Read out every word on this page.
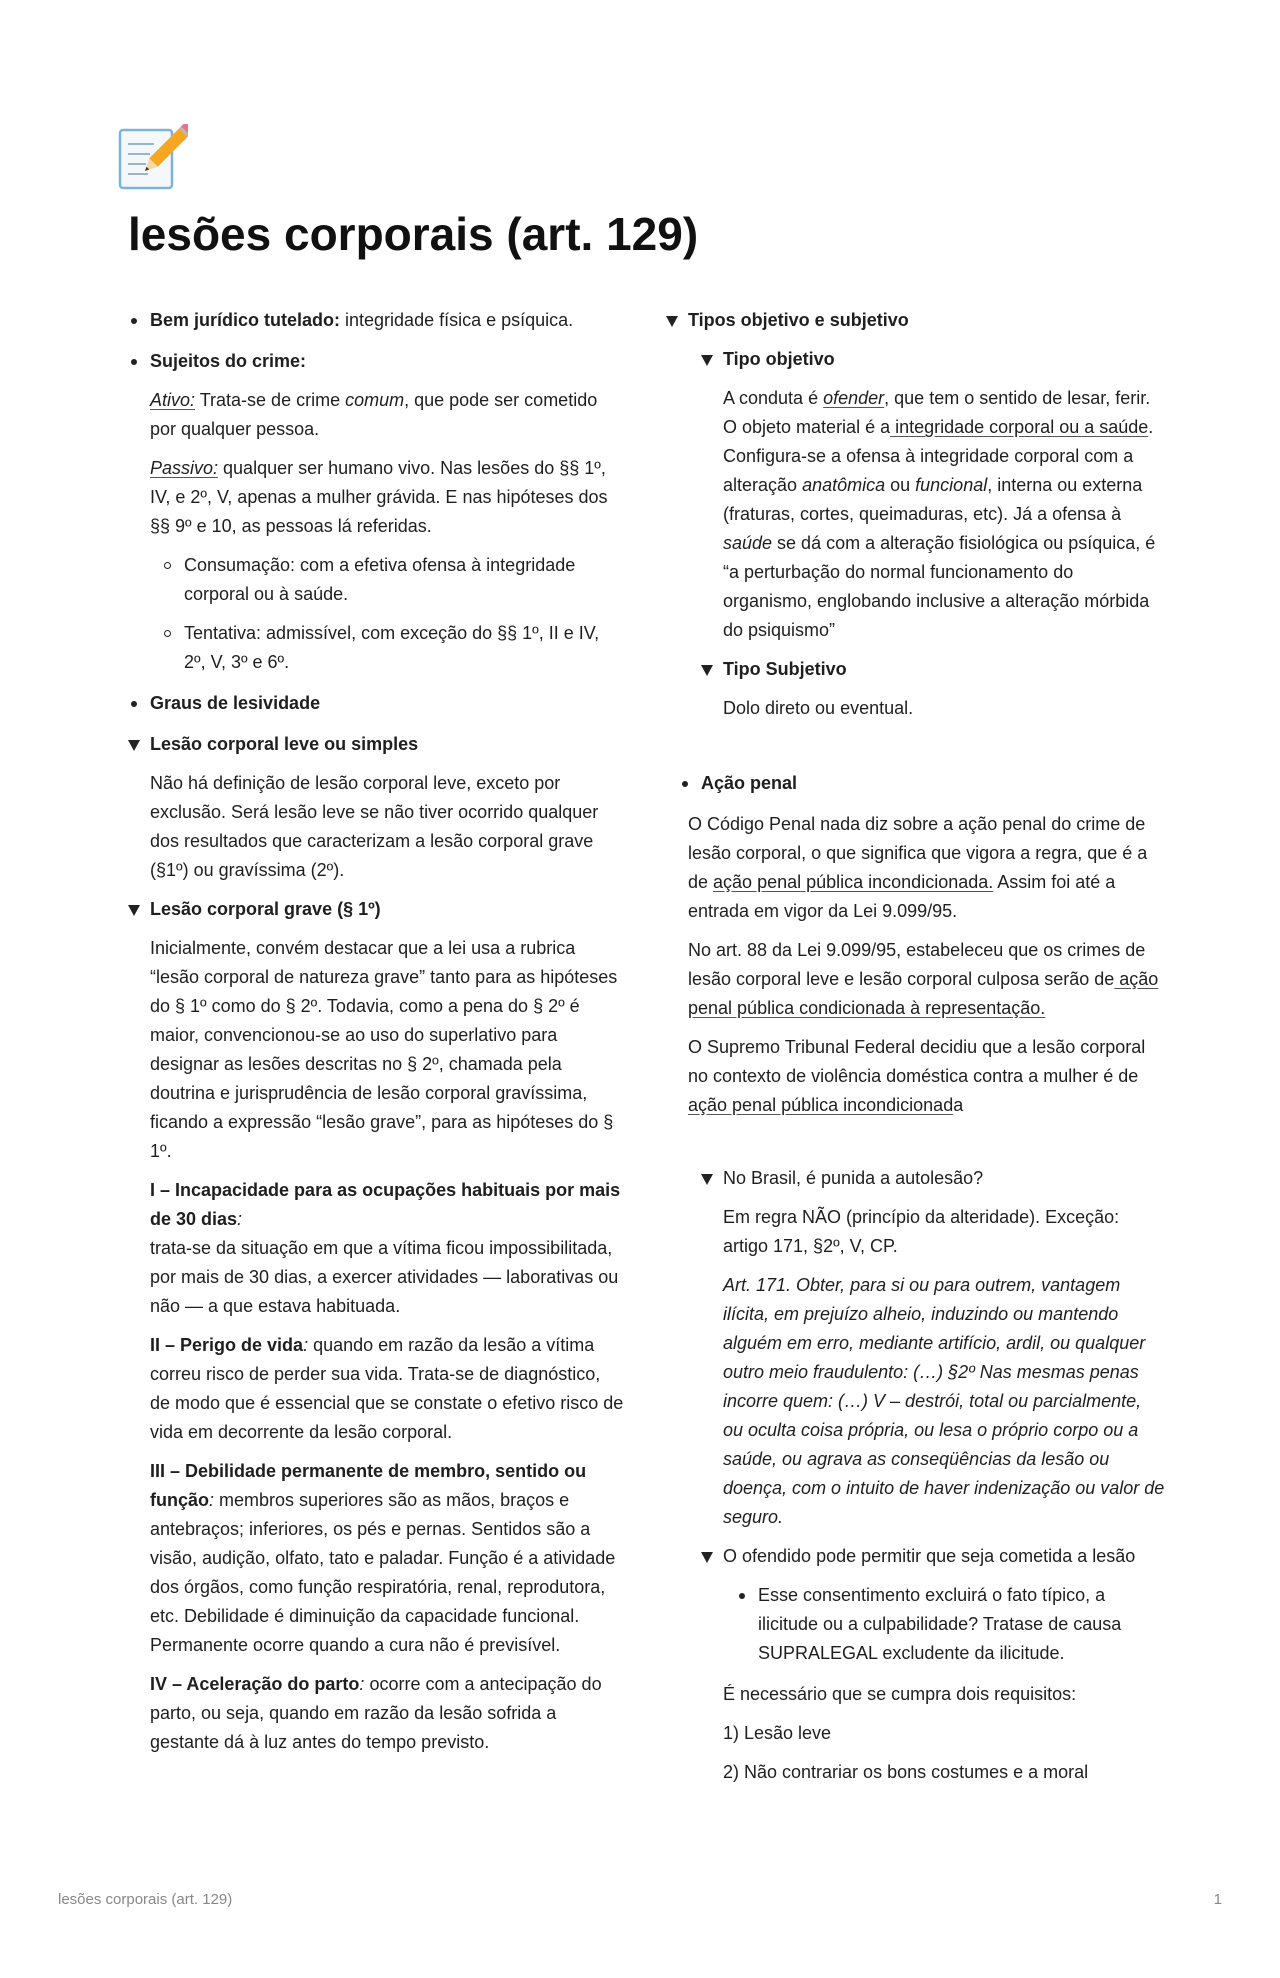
lesões corporais (art. 129)
Bem jurídico tutelado: integridade física e psíquica.

Sujeitos do crime:

Ativo: Trata-se de crime comum, que pode ser cometido por qualquer pessoa.

Passivo: qualquer ser humano vivo. Nas lesões do §§ 1º, IV, e 2º, V, apenas a mulher grávida. E nas hipóteses dos §§ 9º e 10, as pessoas lá referidas.

Consumação: com a efetiva ofensa à integridade corporal ou à saúde.
Tentativa: admissível, com exceção do §§ 1º, II e IV, 2º, V, 3º e 6º.
Graus de lesividade

Lesão corporal leve ou simples

Não há definição de lesão corporal leve, exceto por exclusão. Será lesão leve se não tiver ocorrido qualquer dos resultados que caracterizam a lesão corporal grave (§1º) ou gravíssima (2º).

Lesão corporal grave (§ 1º)

Inicialmente, convém destacar que a lei usa a rubrica “lesão corporal de natureza grave” tanto para as hipóteses do § 1º como do § 2º. Todavia, como a pena do § 2º é maior, convencionou-se ao uso do superlativo para designar as lesões descritas no § 2º, chamada pela doutrina e jurisprudência de lesão corporal gravíssima, ficando a expressão “lesão grave”, para as hipóteses do § 1º.

I – Incapacidade para as ocupações habituais por mais de 30 dias:
trata-se da situação em que a vítima ficou impossibilitada, por mais de 30 dias, a exercer atividades — laborativas ou não — a que estava habituada.

II – Perigo de vida: quando em razão da lesão a vítima correu risco de perder sua vida. Trata-se de diagnóstico, de modo que é essencial que se constate o efetivo risco de vida em decorrente da lesão corporal.

III – Debilidade permanente de membro, sentido ou função: membros superiores são as mãos, braços e antebraços; inferiores, os pés e pernas. Sentidos são a visão, audição, olfato, tato e paladar. Função é a atividade dos órgãos, como função respiratória, renal, reprodutora, etc. Debilidade é diminuição da capacidade funcional. Permanente ocorre quando a cura não é previsível.

IV – Aceleração do parto: ocorre com a antecipação do parto, ou seja, quando em razão da lesão sofrida a gestante dá à luz antes do tempo previsto.

Tipos objetivo e subjetivo

Tipo objetivo

A conduta é ofender, que tem o sentido de lesar, ferir. O objeto material é a integridade corporal ou a saúde. Configura-se a ofensa à integridade corporal com a alteração anatômica ou funcional, interna ou externa (fraturas, cortes, queimaduras, etc). Já a ofensa à saúde se dá com a alteração fisiológica ou psíquica, é “a perturbação do normal funcionamento do organismo, englobando inclusive a alteração mórbida do psiquismo”

Tipo Subjetivo

Dolo direto ou eventual.

Ação penal

O Código Penal nada diz sobre a ação penal do crime de lesão corporal, o que significa que vigora a regra, que é a de ação penal pública incondicionada. Assim foi até a entrada em vigor da Lei 9.099/95.

No art. 88 da Lei 9.099/95, estabeleceu que os crimes de lesão corporal leve e lesão corporal culposa serão de ação penal pública condicionada à representação.

O Supremo Tribunal Federal decidiu que a lesão corporal no contexto de violência doméstica contra a mulher é de ação penal pública incondicionada

No Brasil, é punida a autolesão?

Em regra NÃO (princípio da alteridade). Exceção: artigo 171, §2º, V, CP.

Art. 171. Obter, para si ou para outrem, vantagem ilícita, em prejuízo alheio, induzindo ou mantendo alguém em erro, mediante artifício, ardil, ou qualquer outro meio fraudulento: (…) §2º Nas mesmas penas incorre quem: (…) V – destrói, total ou parcialmente, ou oculta coisa própria, ou lesa o próprio corpo ou a saúde, ou agrava as conseqüências da lesão ou doença, com o intuito de haver indenização ou valor de seguro.

O ofendido pode permitir que seja cometida a lesão

Esse consentimento excluirá o fato típico, a ilicitude ou a culpabilidade? Tratase de causa SUPRALEGAL excludente da ilicitude.

É necessário que se cumpra dois requisitos:

1) Lesão leve

2) Não contrariar os bons costumes e a moral

lesões corporais (art. 129)	1
